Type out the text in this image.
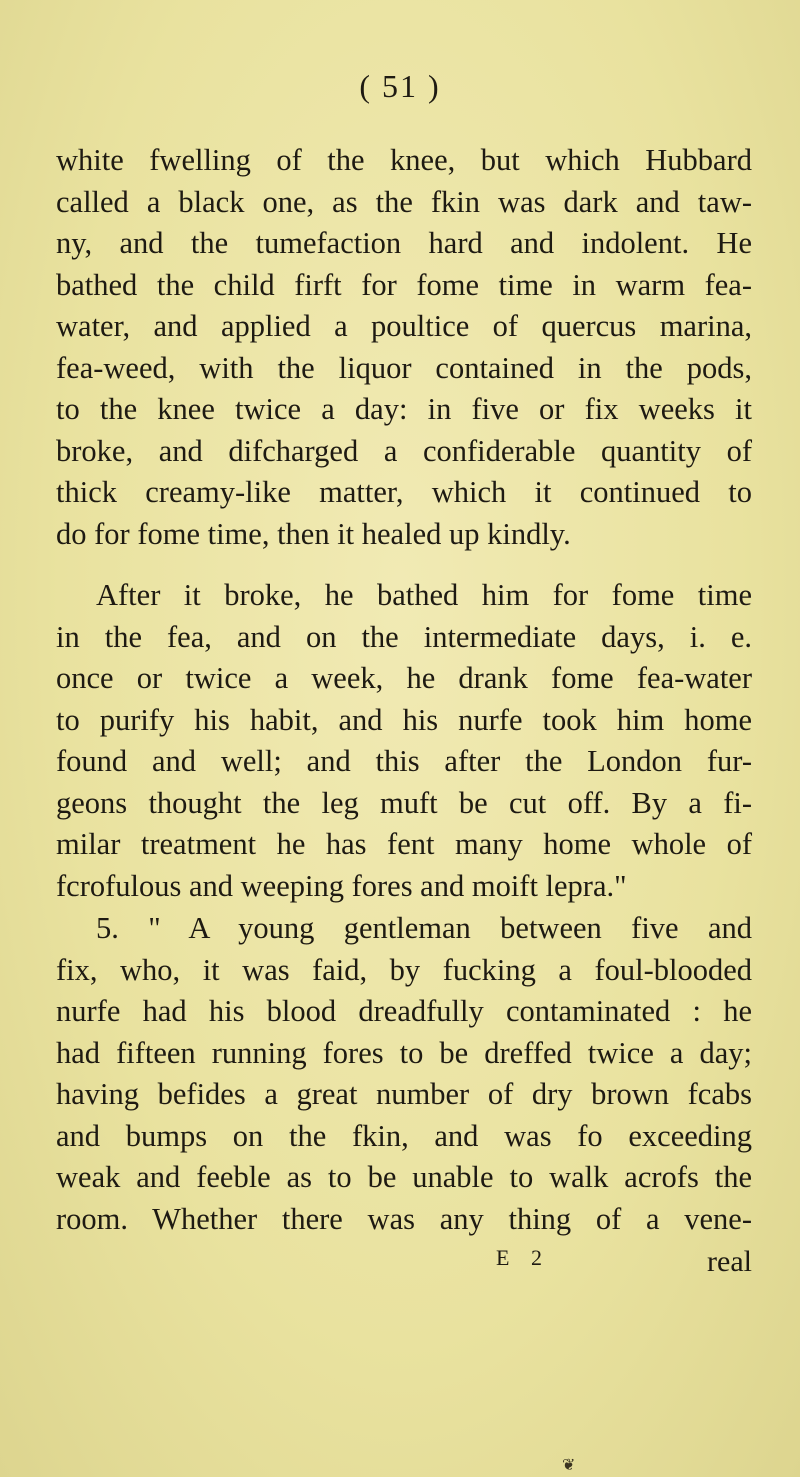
( 51 )
white fwelling of the knee, but which Hubbard
called a black one, as the fkin was dark and taw-
ny, and the tumefaction hard and indolent. He
bathed the child firft for fome time in warm fea-
water, and applied a poultice of quercus marina,
fea-weed, with the liquor contained in the pods,
to the knee twice a day: in five or fix weeks it
broke, and difcharged a confiderable quantity of
thick creamy-like matter, which it continued to
do for fome time, then it healed up kindly.
After it broke, he bathed him for fome time
in the fea, and on the intermediate days, i. e.
once or twice a week, he drank fome fea-water
to purify his habit, and his nurfe took him home
found and well; and this after the London fur-
geons thought the leg muft be cut off. By a fi-
milar treatment he has fent many home whole of
fcrofulous and weeping fores and moift lepra."
5. " A young gentleman between five and
fix, who, it was faid, by fucking a foul-blooded
nurfe had his blood dreadfully contaminated : he
had fifteen running fores to be dreffed twice a day;
having befides a great number of dry brown fcabs
and bumps on the fkin, and was fo exceeding
weak and feeble as to be unable to walk acrofs the
room. Whether there was any thing of a vene-
E 2	real
❦
